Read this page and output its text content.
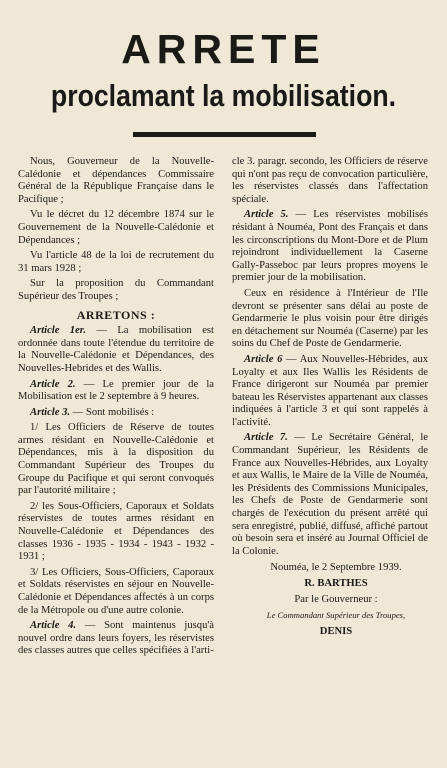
ARRETE
proclamant la mobilisation.

Nous, Gouverneur de la Nouvelle-Calédonie et dépendances Commissaire Général de la République Française dans le Pacifique ;

Vu le décret du 12 décembre 1874 sur le Gouvernement de la Nouvelle-Calédonie et Dépendances ;

Vu l'article 48 de la loi de recrutement du 31 mars 1928 ;

Sur la proposition du Commandant Supérieur des Troupes ;

ARRETONS :

Article 1er. — La mobilisation est ordonnée dans toute l'étendue du territoire de la Nouvelle-Calédonie et Dépendances, des Nouvelles-Hebrides et des Wallis.

Article 2. — Le premier jour de la Mobilisation est le 2 septembre à 9 heures.

Article 3. — Sont mobilisés :

1/ Les Officiers de Réserve de toutes armes résidant en Nouvelle-Calédonie et Dépendances, mis à la disposition du Commandant Supérieur des Troupes du Groupe du Pacifique et qui seront convoqués par l'autorité militaire ;

2/ les Sous-Officiers, Caporaux et Soldats réservistes de toutes armes résidant en Nouvelle-Calédonie et Dépendances des classes 1936 - 1935 - 1934 - 1943 - 1932 - 1931 ;

3/ Les Officiers, Sous-Officiers, Caporaux et Soldats réservistes en séjour en Nouvelle-Calédonie et Dépendances affectés à un corps de la Métropole ou d'une autre colonie.

Article 4. — Sont maintenus jusqu'à nouvel ordre dans leurs foyers, les réservistes des classes autres que celles spécifiées à l'arti-

cle 3. paragr. secondo, les Officiers de réserve qui n'ont pas reçu de convocation particulière, les réservistes classés dans l'affectation spéciale.

Article 5. — Les réservistes mobilisés résidant à Nouméa, Pont des Français et dans les circonscriptions du Mont-Dore et de Plum rejoindront individuellement la Caserne Gally-Passeboc par leurs propres moyens le premier jour de la mobilisation.

Ceux en résidence à l'Intérieur de l'Ile devront se présenter sans délai au poste de Gendarmerie le plus voisin pour être dirigés en détachement sur Nouméa (Caserne) par les soins du Chef de Poste de Gendarmerie.

Article 6 — Aux Nouvelles-Hébrides, aux Loyalty et aux Iles Wallis les Résidents de France dirigeront sur Nouméa par premier bateau les Réservistes appartenant aux classes indiquées à l'article 3 et qui sont rappelés à l'activité.

Article 7. — Le Secrétaire Général, le Commandant Supérieur, les Résidents de France aux Nouvelles-Hébrides, aux Loyalty et aux Wallis, le Maire de la Ville de Nouméa, les Présidents des Commissions Municipales, les Chefs de Poste de Gendarmerie sont chargés de l'exécution du présent arrêté qui sera enregistré, publié, diffusé, affiché partout où besoin sera et inséré au Journal Officiel de la Colonie.

Nouméa, le 2 Septembre 1939.

R. BARTHES

Par le Gouverneur :

Le Commandant Supérieur des Troupes,

DENIS
